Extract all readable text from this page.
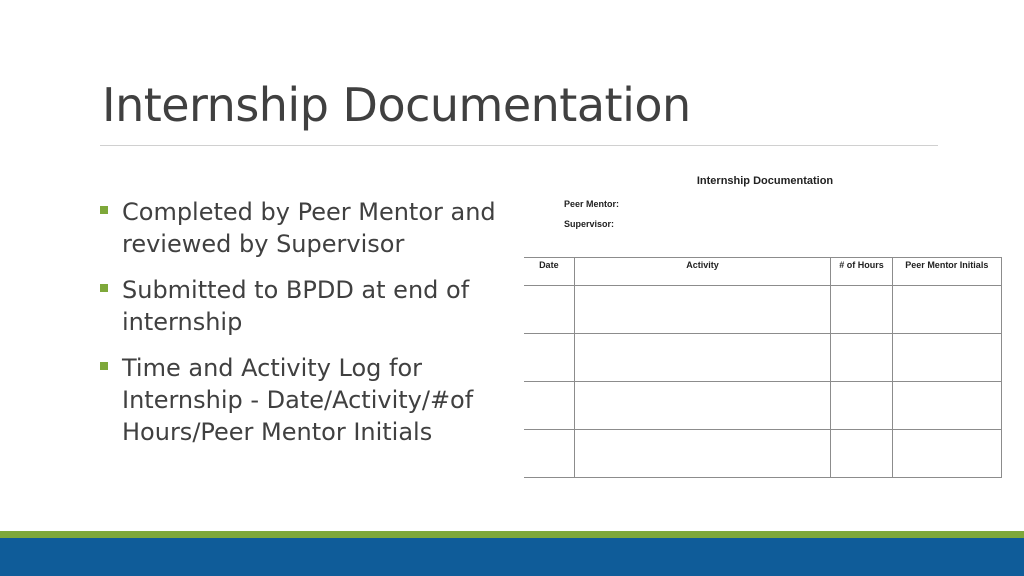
Internship Documentation
Completed by Peer Mentor and reviewed by Supervisor
Submitted to BPDD at end of internship
Time and Activity Log for Internship - Date/Activity/#of Hours/Peer Mentor Initials
Internship Documentation
Peer Mentor:
Supervisor:
Date	Activity	# of Hours	Peer Mentor Initials
